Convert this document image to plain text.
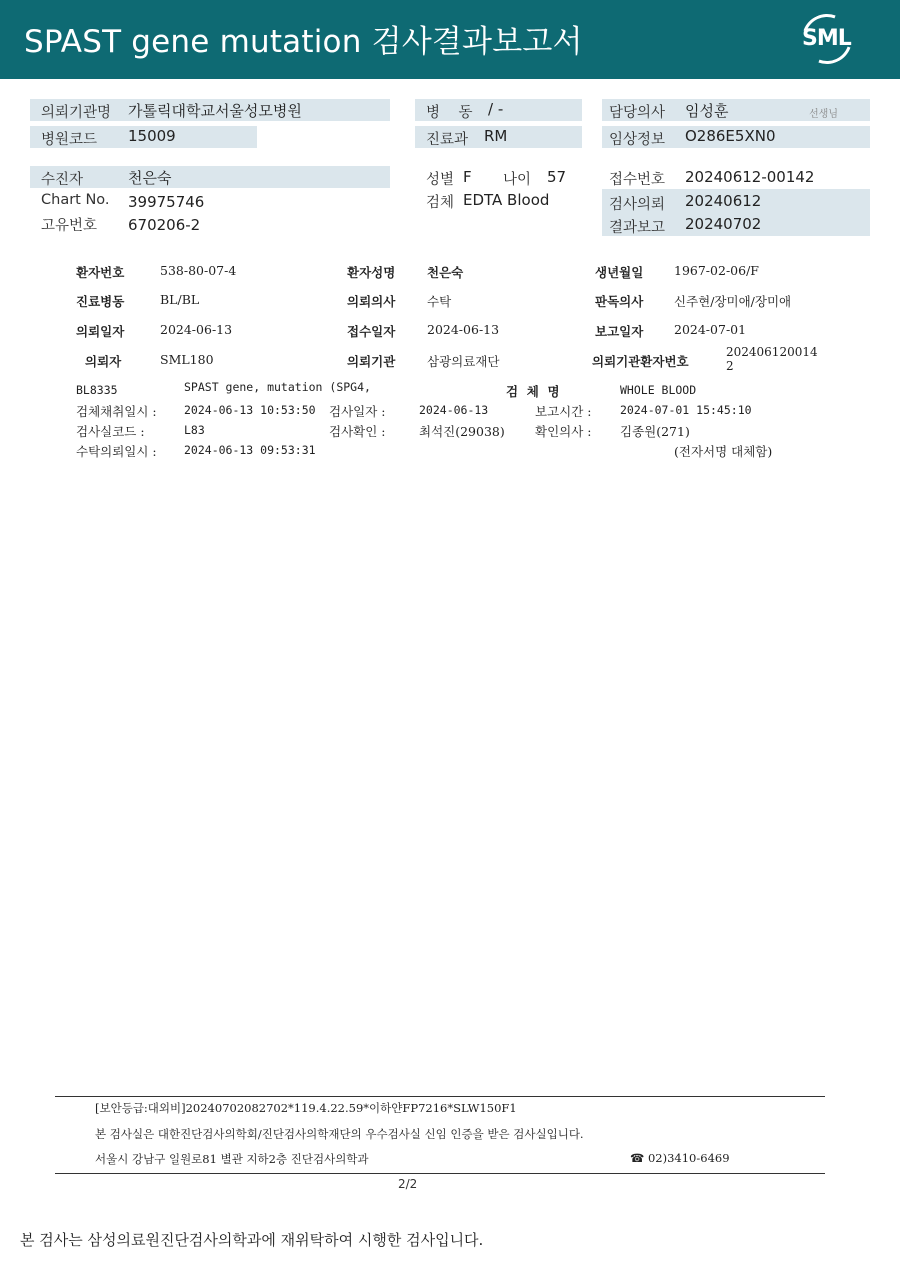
SPAST gene mutation 검사결과보고서	SML
의뢰기관명 가톨릭대학교서울성모병원
병원코드 15009
병    동 / -
진료과 RM
담당의사 임성훈	선생님
임상정보 O286E5XN0
수진자	천은숙
Chart No. 39975746
고유번호 670206-2
성별 F 나이 57
검체 EDTA Blood
접수번호 20240612-00142
검사의뢰 20240612
결과보고 20240702
환자번호	538-80-07-4	환자성명	천은숙	생년월일 1967-02-06/F
진료병동	BL/BL	의뢰의사	수탁	판독의사 신주현/장미애/장미애
의뢰일자	2024-06-13	접수일자	2024-06-13	보고일자 2024-07-01
의뢰자	SML180	의뢰기관	삼광의료재단	의뢰기관환자번호
202406120014
2
BL8335	SPAST gene, mutation (SPG4,	검  체  명	WHOLE BLOOD
검체채취일시 : 2024-06-13 10:53:50 검사일자 :	2024-06-13	보고시간 : 2024-07-01 15:45:10
검사실코드 :	L83	검사확인 :	최석진(29038) 확인의사 : 김종원(271)
수탁의뢰일시 : 2024-06-13 09:53:31	(전자서명 대체함)
[보안등급:대외비]20240702082702*119.4.22.59*이하얀FP7216*SLW150F1
본 검사실은 대한진단검사의학회/진단검사의학재단의 우수검사실 신임 인증을 받은 검사실입니다.
서울시 강남구 일원로81 별관 지하2층 진단검사의학과	☎ 02)3410-6469
2/2
본 검사는 삼성의료원진단검사의학과에 재위탁하여 시행한 검사입니다.
